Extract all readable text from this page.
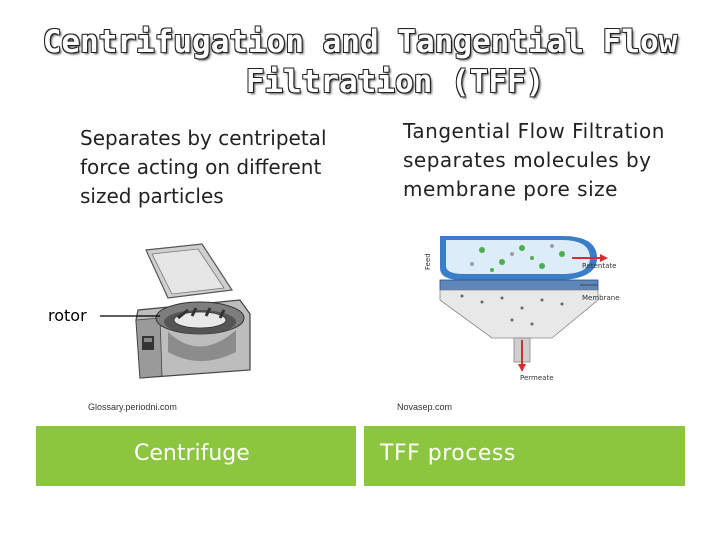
Centrifugation and Tangential Flow
Filtration (TFF)
Separates by centripetal force acting on different sized particles
Tangential Flow Filtration separates molecules by membrane pore size
rotor
Feed	Retentate
Membrane
Permeate
Glossary.periodni.com	Novasep.com
Centrifuge	TFF process
